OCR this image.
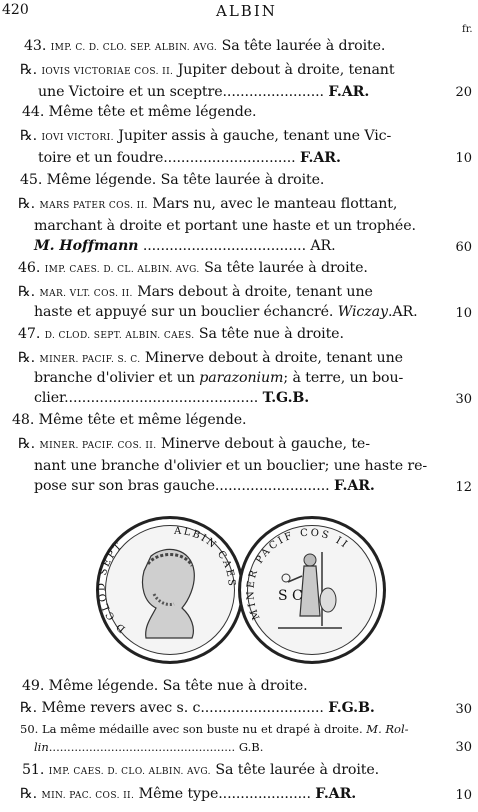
420	ALBIN
fr.
43. IMP. C. D. CLO. SEP. ALBIN. AVG. Sa tête laurée à droite.
℞. IOVIS VICTORIAE COS. II. Jupiter debout à droite, tenant
une Victoire et un sceptre....................... F.AR.	20
44. Même tête et même légende.
℞. IOVI VICTORI. Jupiter assis à gauche, tenant une Vic-
toire et un foudre.............................. F.AR.	10
45. Même légende. Sa tête laurée à droite.
℞. MARS PATER COS. II. Mars nu, avec le manteau flottant,
marchant à droite et portant une haste et un trophée.
M. Hoffmann ..................................... AR.	60
46. IMP. CAES. D. CL. ALBIN. AVG. Sa tête laurée à droite.
℞. MAR. VLT. COS. II. Mars debout à droite, tenant une
haste et appuyé sur un bouclier échancré. Wiczay.AR.	10
47. D. CLOD. SEPT. ALBIN. CAES. Sa tête nue à droite.
℞. MINER. PACIF. S. C. Minerve debout à droite, tenant une
branche d'olivier et un parazonium; à terre, un bou-
clier............................................ T.G.B.	30
48. Même tête et même légende.
℞. MINER. PACIF. COS. II. Minerve debout à gauche, te-
nant une branche d'olivier et un bouclier; une haste re-
pose sur son bras gauche.......................... F.AR.	12
D CLOD SEPT
ALBIN CAES
MINER PACIF COS II
S C
49. Même légende. Sa tête nue à droite.
℞. Même revers avec s. c............................ F.G.B.	30
50. La même médaille avec son buste nu et drapé à droite. M. Rol-
lin................................................... G.B.	30
51. IMP. CAES. D. CLO. ALBIN. AVG. Sa tête laurée à droite.
℞. MIN. PAC. COS. II. Même type..................... F.AR.	10
